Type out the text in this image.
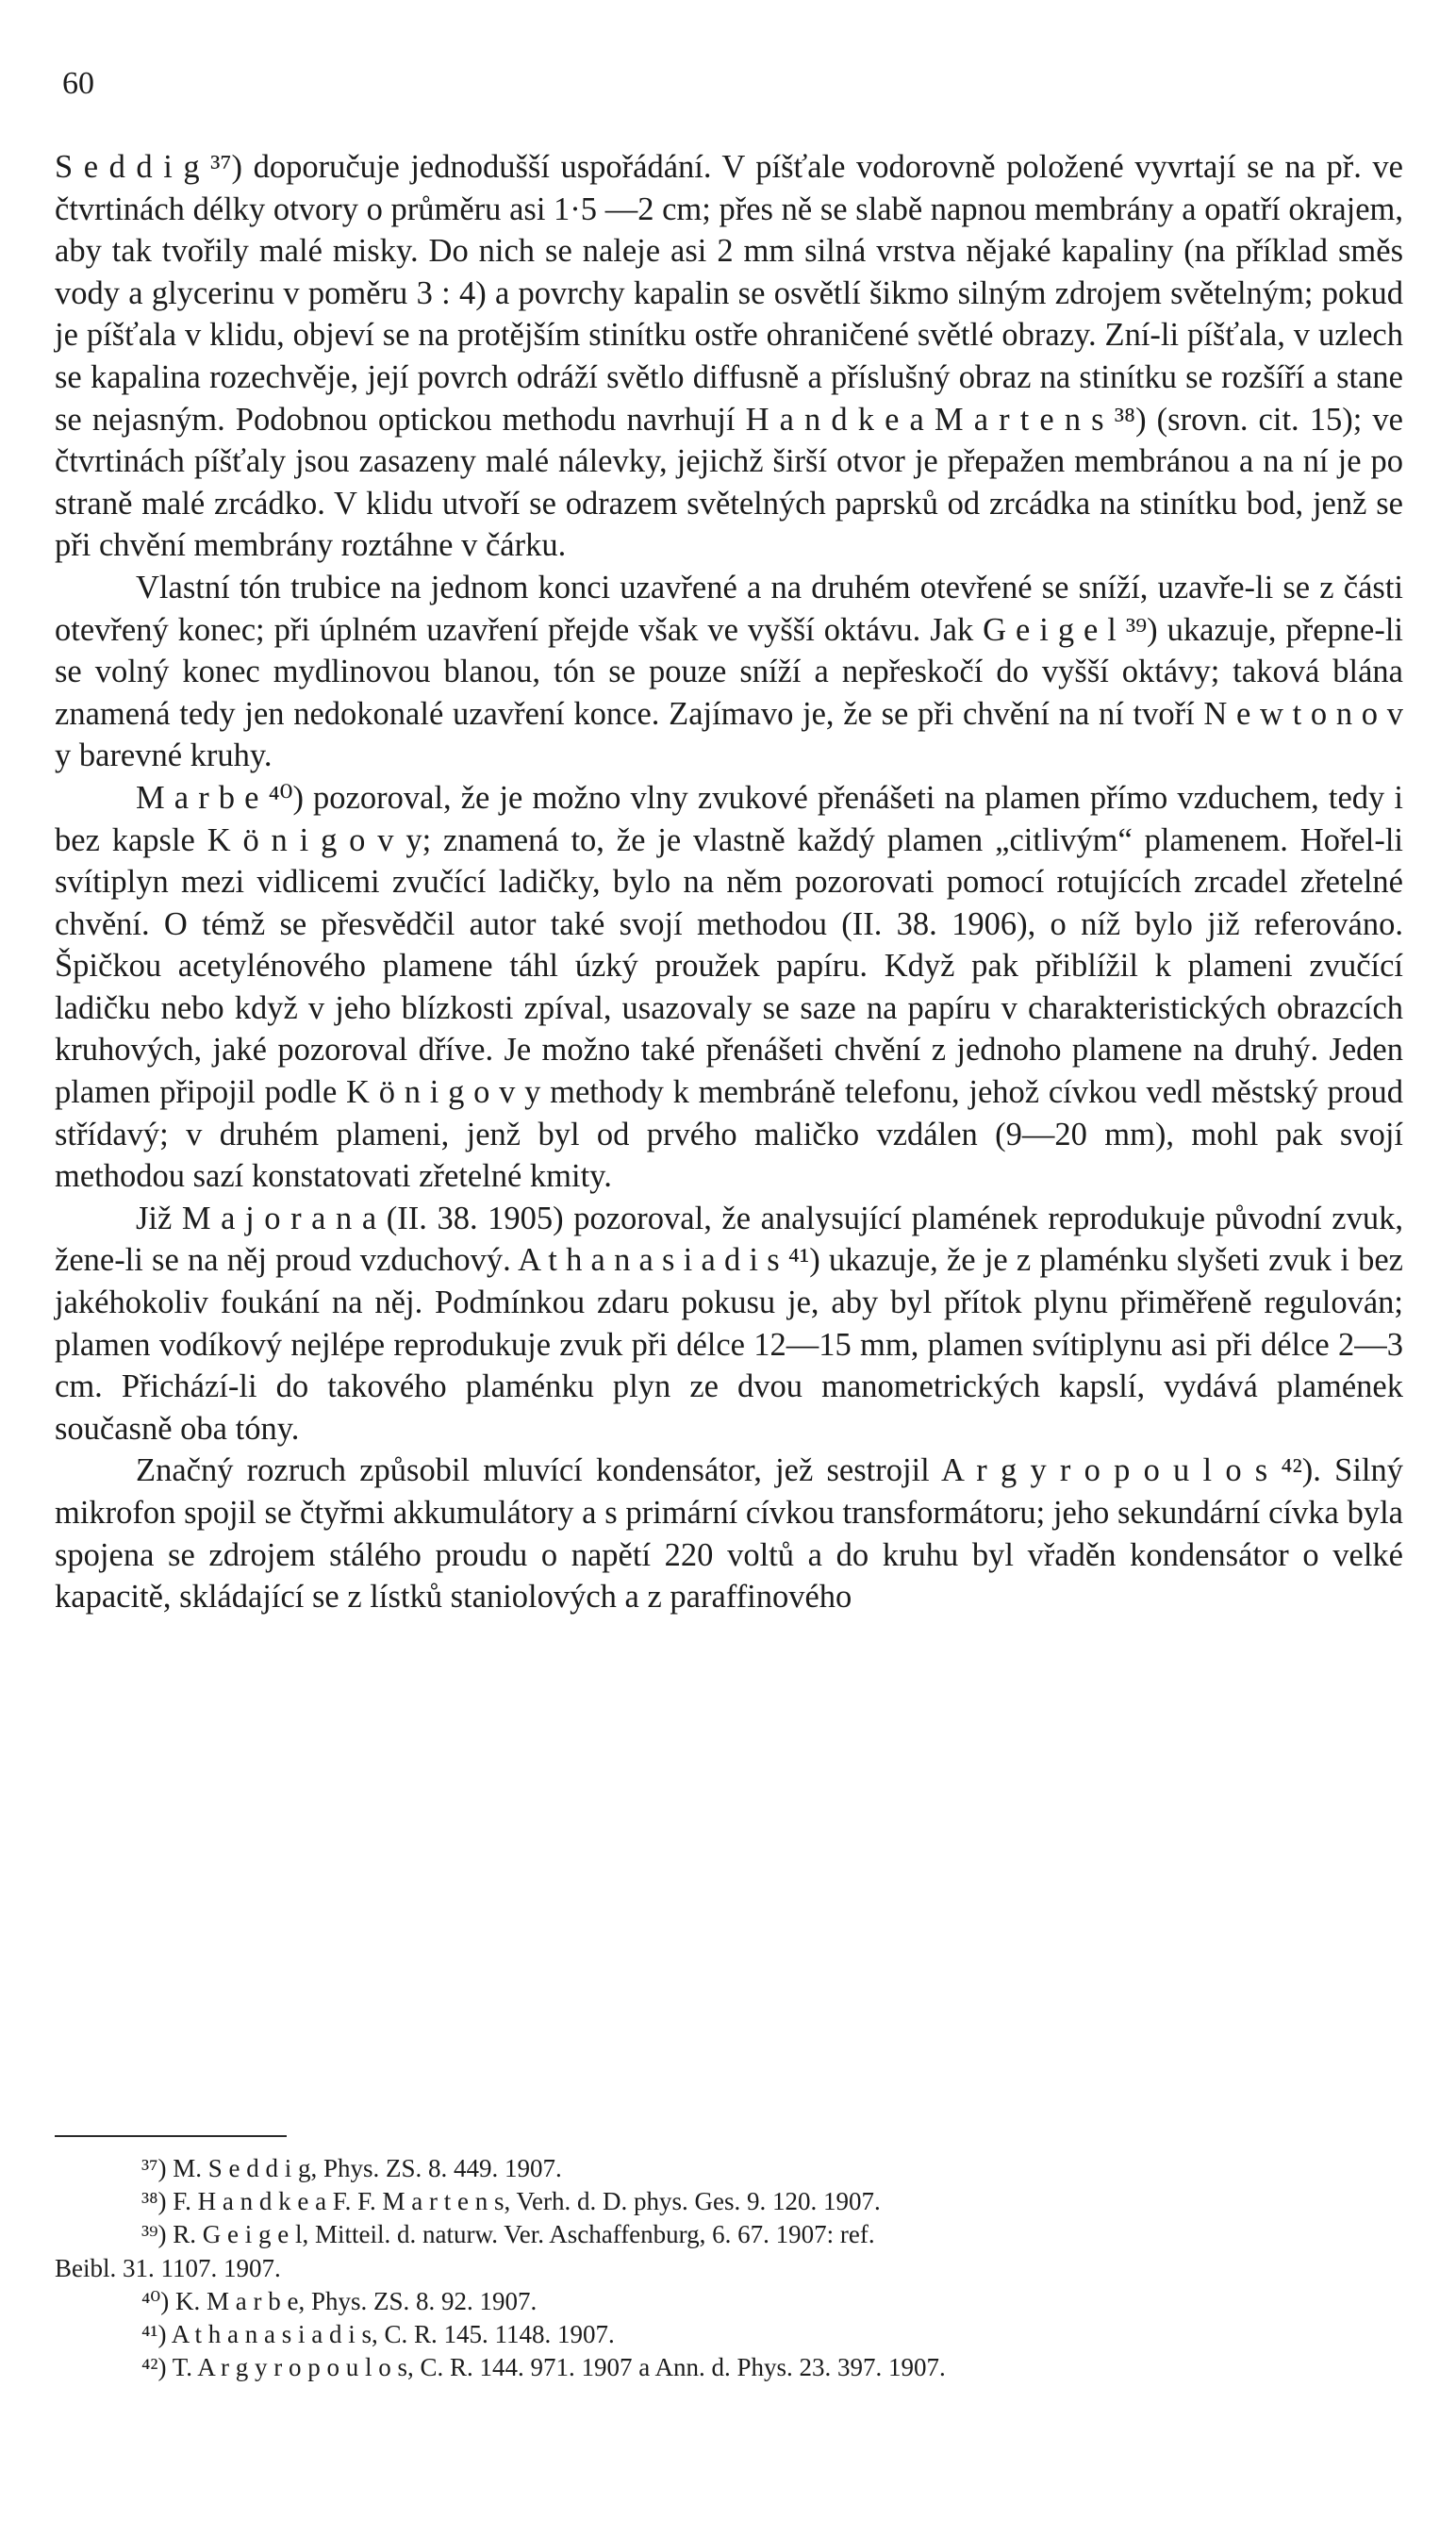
60

S e d d i g ³⁷) doporučuje jednodušší uspořádání. V píšťale vodorovně položené vyvrtají se na př. ve čtvrtinách délky otvory o průměru asi 1·5 —2 cm; přes ně se slabě napnou membrány a opatří okrajem, aby tak tvořily malé misky. Do nich se naleje asi 2 mm silná vrstva nějaké kapaliny (na příklad směs vody a glycerinu v poměru 3 : 4) a povrchy kapalin se osvětlí šikmo silným zdrojem světelným; pokud je píšťala v klidu, objeví se na protějším stinítku ostře ohraničené světlé obrazy. Zní-li píšťala, v uzlech se kapalina rozechvěje, její povrch odráží světlo diffusně a příslušný obraz na stinítku se rozšíří a stane se nejasným. Podobnou optickou methodu navrhují H a n d k e a M a r t e n s ³⁸) (srovn. cit. 15); ve čtvrtinách píšťaly jsou zasazeny malé nálevky, jejichž širší otvor je přepažen membránou a na ní je po straně malé zrcádko. V klidu utvoří se odrazem světelných paprsků od zrcádka na stinítku bod, jenž se při chvění membrány roztáhne v čárku.

Vlastní tón trubice na jednom konci uzavřené a na druhém otevřené se sníží, uzavře-li se z části otevřený konec; při úplném uzavření přejde však ve vyšší oktávu. Jak G e i g e l ³⁹) ukazuje, přepne-li se volný konec mydlinovou blanou, tón se pouze sníží a nepřeskočí do vyšší oktávy; taková blána znamená tedy jen nedokonalé uzavření konce. Zajímavo je, že se při chvění na ní tvoří N e w t o n o v y barevné kruhy.

M a r b e ⁴⁰) pozoroval, že je možno vlny zvukové přenášeti na plamen přímo vzduchem, tedy i bez kapsle K ö n i g o v y; znamená to, že je vlastně každý plamen „citlivým“ plamenem. Hořel-li svítiplyn mezi vidlicemi zvučící ladičky, bylo na něm pozorovati pomocí rotujících zrcadel zřetelné chvění. O témž se přesvědčil autor také svojí methodou (II. 38. 1906), o níž bylo již referováno. Špičkou acetylénového plamene táhl úzký proužek papíru. Když pak přiblížil k plameni zvučící ladičku nebo když v jeho blízkosti zpíval, usazovaly se saze na papíru v charakteristických obrazcích kruhových, jaké pozoroval dříve. Je možno také přenášeti chvění z jednoho plamene na druhý. Jeden plamen připojil podle K ö n i g o v y methody k membráně telefonu, jehož cívkou vedl městský proud střídavý; v druhém plameni, jenž byl od prvého maličko vzdálen (9—20 mm), mohl pak svojí methodou sazí konstatovati zřetelné kmity.

Již M a j o r a n a (II. 38. 1905) pozoroval, že analysující plamének reprodukuje původní zvuk, žene-li se na něj proud vzduchový. A t h a n a s i a d i s ⁴¹) ukazuje, že je z plaménku slyšeti zvuk i bez jakéhokoliv foukání na něj. Podmínkou zdaru pokusu je, aby byl přítok plynu přiměřeně regulován; plamen vodíkový nejlépe reprodukuje zvuk při délce 12—15 mm, plamen svítiplynu asi při délce 2—3 cm. Přichází-li do takového plaménku plyn ze dvou manometrických kapslí, vydává plamének současně oba tóny.

Značný rozruch způsobil mluvící kondensátor, jež sestrojil A r g y r o p o u l o s ⁴²). Silný mikrofon spojil se čtyřmi akkumulátory a s primární cívkou transformátoru; jeho sekundární cívka byla spojena se zdrojem stálého proudu o napětí 220 voltů a do kruhu byl vřaděn kondensátor o velké kapacitě, skládající se z lístků staniolových a z paraffinového

³⁷) M. S e d d i g, Phys. ZS. 8. 449. 1907.

³⁸) F. H a n d k e a F. F. M a r t e n s, Verh. d. D. phys. Ges. 9. 120. 1907.

³⁹) R. G e i g e l, Mitteil. d. naturw. Ver. Aschaffenburg, 6. 67. 1907: ref.

Beibl. 31. 1107. 1907.

⁴⁰) K. M a r b e, Phys. ZS. 8. 92. 1907.

⁴¹) A t h a n a s i a d i s, C. R. 145. 1148. 1907.

⁴²) T. A r g y r o p o u l o s, C. R. 144. 971. 1907 a Ann. d. Phys. 23. 397. 1907.
